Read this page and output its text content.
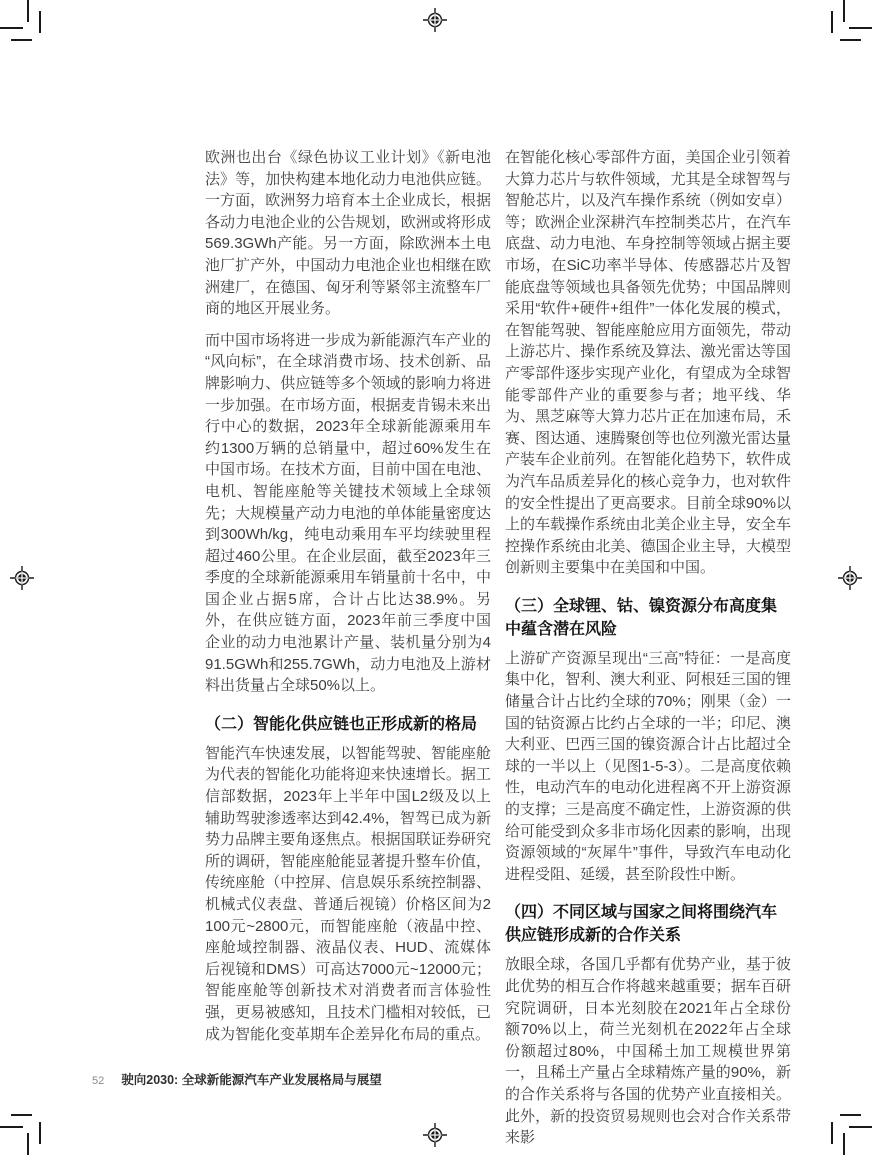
欧洲也出台《绿色协议工业计划》《新电池法》等，加快构建本地化动力电池供应链。一方面，欧洲努力培育本土企业成长，根据各动力电池企业的公告规划，欧洲或将形成569.3GWh产能。另一方面，除欧洲本土电池厂扩产外，中国动力电池企业也相继在欧洲建厂，在德国、匈牙利等紧邻主流整车厂商的地区开展业务。

而中国市场将进一步成为新能源汽车产业的“风向标”，在全球消费市场、技术创新、品牌影响力、供应链等多个领域的影响力将进一步加强。在市场方面，根据麦肯锡未来出行中心的数据，2023年全球新能源乘用车约1300万辆的总销量中，超过60%发生在中国市场。在技术方面，目前中国在电池、电机、智能座舱等关键技术领域上全球领先；大规模量产动力电池的单体能量密度达到300Wh/kg，纯电动乘用车平均续驶里程超过460公里。在企业层面，截至2023年三季度的全球新能源乘用车销量前十名中，中国企业占据5席，合计占比达38.9%。另外，在供应链方面，2023年前三季度中国企业的动力电池累计产量、装机量分别为491.5GWh和255.7GWh，动力电池及上游材料出货量占全球50%以上。

（二）智能化供应链也正形成新的格局

智能汽车快速发展，以智能驾驶、智能座舱为代表的智能化功能将迎来快速增长。据工信部数据，2023年上半年中国L2级及以上辅助驾驶渗透率达到42.4%，智驾已成为新势力品牌主要角逐焦点。根据国联证券研究所的调研，智能座舱能显著提升整车价值，传统座舱（中控屏、信息娱乐系统控制器、机械式仪表盘、普通后视镜）价格区间为2100元~2800元，而智能座舱（液晶中控、座舱域控制器、液晶仪表、HUD、流媒体后视镜和DMS）可高达7000元~12000元；智能座舱等创新技术对消费者而言体验性强，更易被感知，且技术门槛相对较低，已成为智能化变革期车企差异化布局的重点。

在智能化核心零部件方面，美国企业引领着大算力芯片与软件领域，尤其是全球智驾与智舱芯片，以及汽车操作系统（例如安卓）等；欧洲企业深耕汽车控制类芯片，在汽车底盘、动力电池、车身控制等领域占据主要市场，在SiC功率半导体、传感器芯片及智能底盘等领域也具备领先优势；中国品牌则采用“软件+硬件+组件”一体化发展的模式，在智能驾驶、智能座舱应用方面领先，带动上游芯片、操作系统及算法、激光雷达等国产零部件逐步实现产业化，有望成为全球智能零部件产业的重要参与者；地平线、华为、黑芝麻等大算力芯片正在加速布局，禾赛、图达通、速腾聚创等也位列激光雷达量产装车企业前列。在智能化趋势下，软件成为汽车品质差异化的核心竞争力，也对软件的安全性提出了更高要求。目前全球90%以上的车载操作系统由北美企业主导，安全车控操作系统由北美、德国企业主导，大模型创新则主要集中在美国和中国。

（三）全球锂、钴、镍资源分布高度集中蕴含潜在风险

上游矿产资源呈现出“三高”特征：一是高度集中化，智利、澳大利亚、阿根廷三国的锂储量合计占比约全球的70%；刚果（金）一国的钴资源占比约占全球的一半；印尼、澳大利亚、巴西三国的镍资源合计占比超过全球的一半以上（见图1-5-3）。二是高度依赖性，电动汽车的电动化进程离不开上游资源的支撑；三是高度不确定性，上游资源的供给可能受到众多非市场化因素的影响，出现资源领域的“灰犀牛”事件，导致汽车电动化进程受阻、延缓，甚至阶段性中断。

（四）不同区域与国家之间将围绕汽车供应链形成新的合作关系

放眼全球，各国几乎都有优势产业，基于彼此优势的相互合作将越来越重要；据车百研究院调研，日本光刻胶在2021年占全球份额70%以上，荷兰光刻机在2022年占全球份额超过80%，中国稀土加工规模世界第一，且稀土产量占全球精炼产量的90%，新的合作关系将与各国的优势产业直接相关。此外，新的投资贸易规则也会对合作关系带来影

52 驶向2030: 全球新能源汽车产业发展格局与展望
